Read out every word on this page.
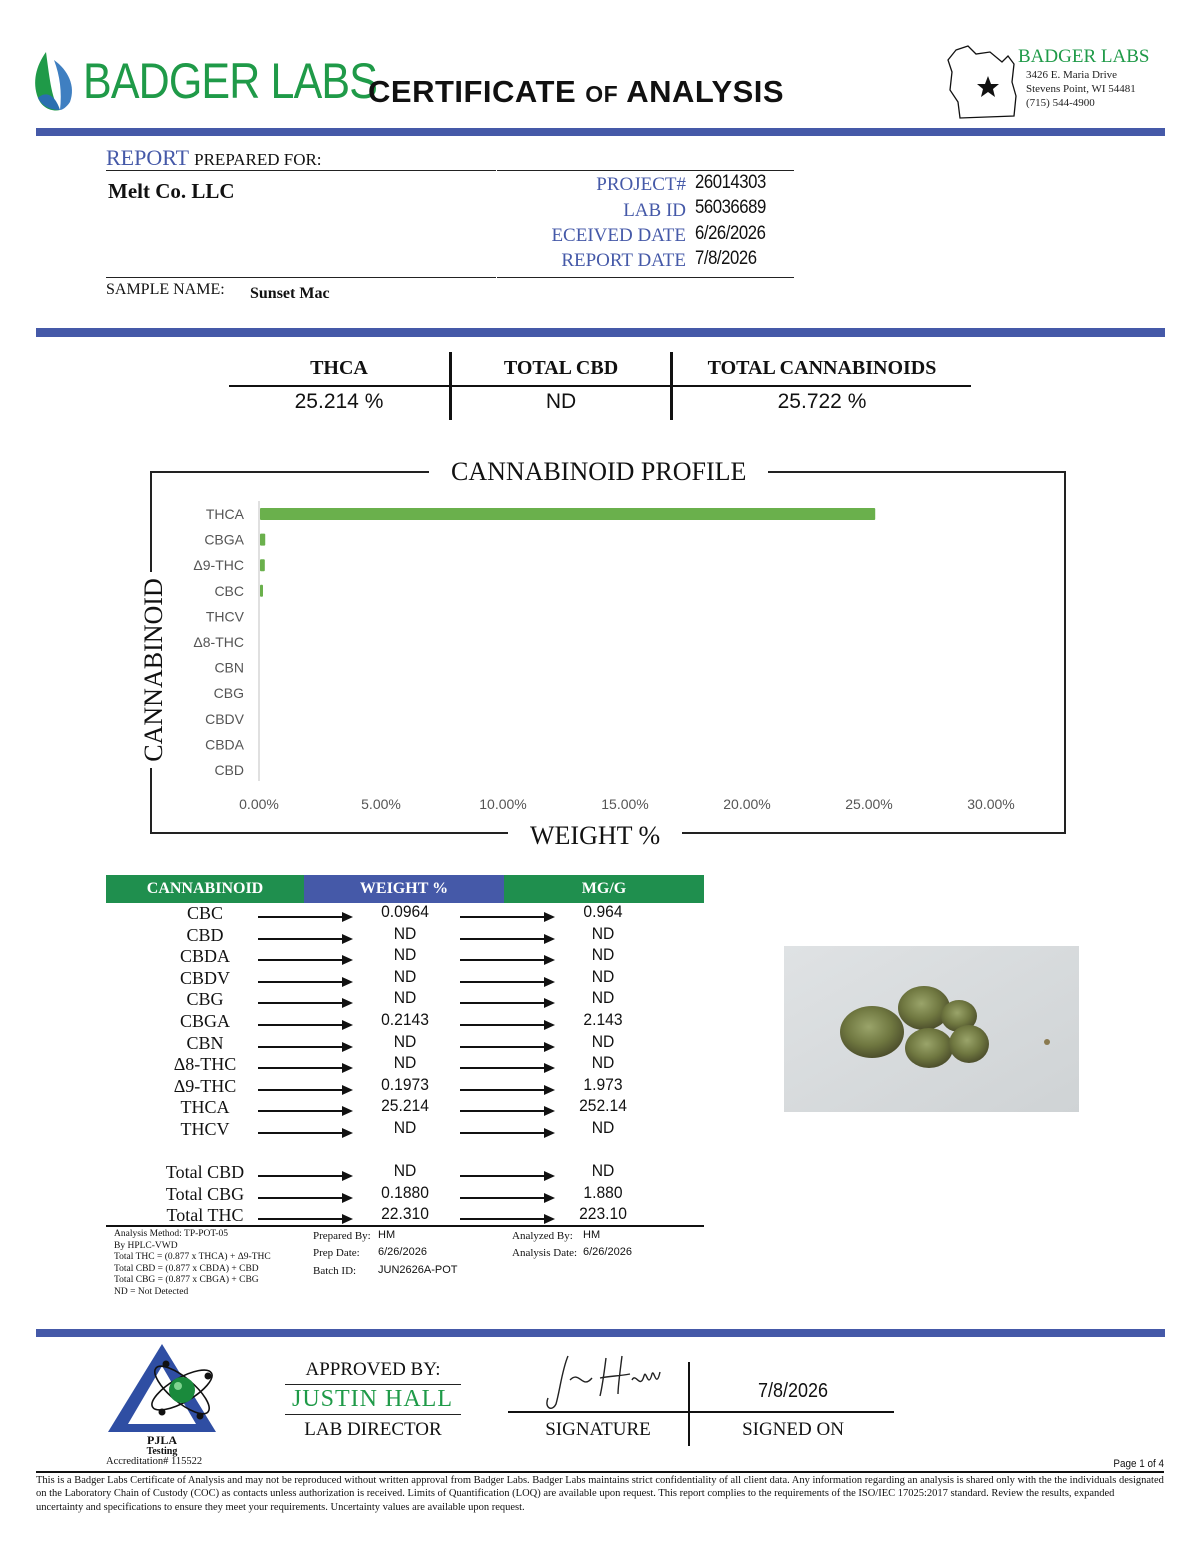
BADGER LABS
CERTIFICATE OF ANALYSIS
BADGER LABS
3426 E. Maria Drive
Stevens Point, WI 54481
(715) 544-4900
REPORT PREPARED FOR:
Melt Co. LLC	PROJECT# 26014303
LAB ID 56036689
ECEIVED DATE 6/26/2026
REPORT DATE 7/8/2026
SAMPLE NAME: Sunset Mac
THCA	TOTAL CBD	TOTAL CANNABINOIDS
25.214 %	ND	25.722 %
CANNABINOID PROFILE
WEIGHT %
CANNABINOID
THCA
CBGA
Δ9-THC
CBC
THCV
Δ8-THC
CBN
CBG
CBDV
CBDA
CBD
0.00%	5.00%	10.00%	15.00%	20.00%	25.00%	30.00%
CANNABINOID	WEIGHT %	MG/G
CBC	0.0964	0.964
CBD	ND	ND
CBDA	ND	ND
CBDV	ND	ND
CBG	ND	ND
CBGA	0.2143	2.143
CBN	ND	ND
Δ8-THC	ND	ND
Δ9-THC	0.1973	1.973
THCA	25.214	252.14
THCV	ND	ND
Total CBD	ND	ND
Total CBG	0.1880	1.880
Total THC	22.310	223.10
Analysis Method: TP-POT-05
By HPLC-VWD
Total THC = (0.877 x THCA) + Δ9-THC
Total CBD = (0.877 x CBDA) + CBD
Total CBG = (0.877 x CBGA) + CBG
ND = Not Detected
Prepared By: HM
Prep Date: 6/26/2026
Batch ID: JUN2626A-POT
Analyzed By: HM
Analysis Date: 6/26/2026
PJLA
Testing
Accreditation# 115522
APPROVED BY:
JUSTIN HALL
LAB DIRECTOR
7/8/2026
SIGNATURE	SIGNED ON
Page 1 of 4
This is a Badger Labs Certificate of Analysis and may not be reproduced without written approval from Badger Labs. Badger Labs maintains strict confidentiality of all client data. Any information regarding an analysis is shared only with the the individuals designated on the Laboratory Chain of Custody (COC) as contacts unless authorization is received. Limits of Quantification (LOQ) are available upon request. This report complies to the requirements of the ISO/IEC 17025:2017 standard. Review the results, expanded uncertainty and specifications to ensure they meet your requirements. Uncertainty values are available upon request.
